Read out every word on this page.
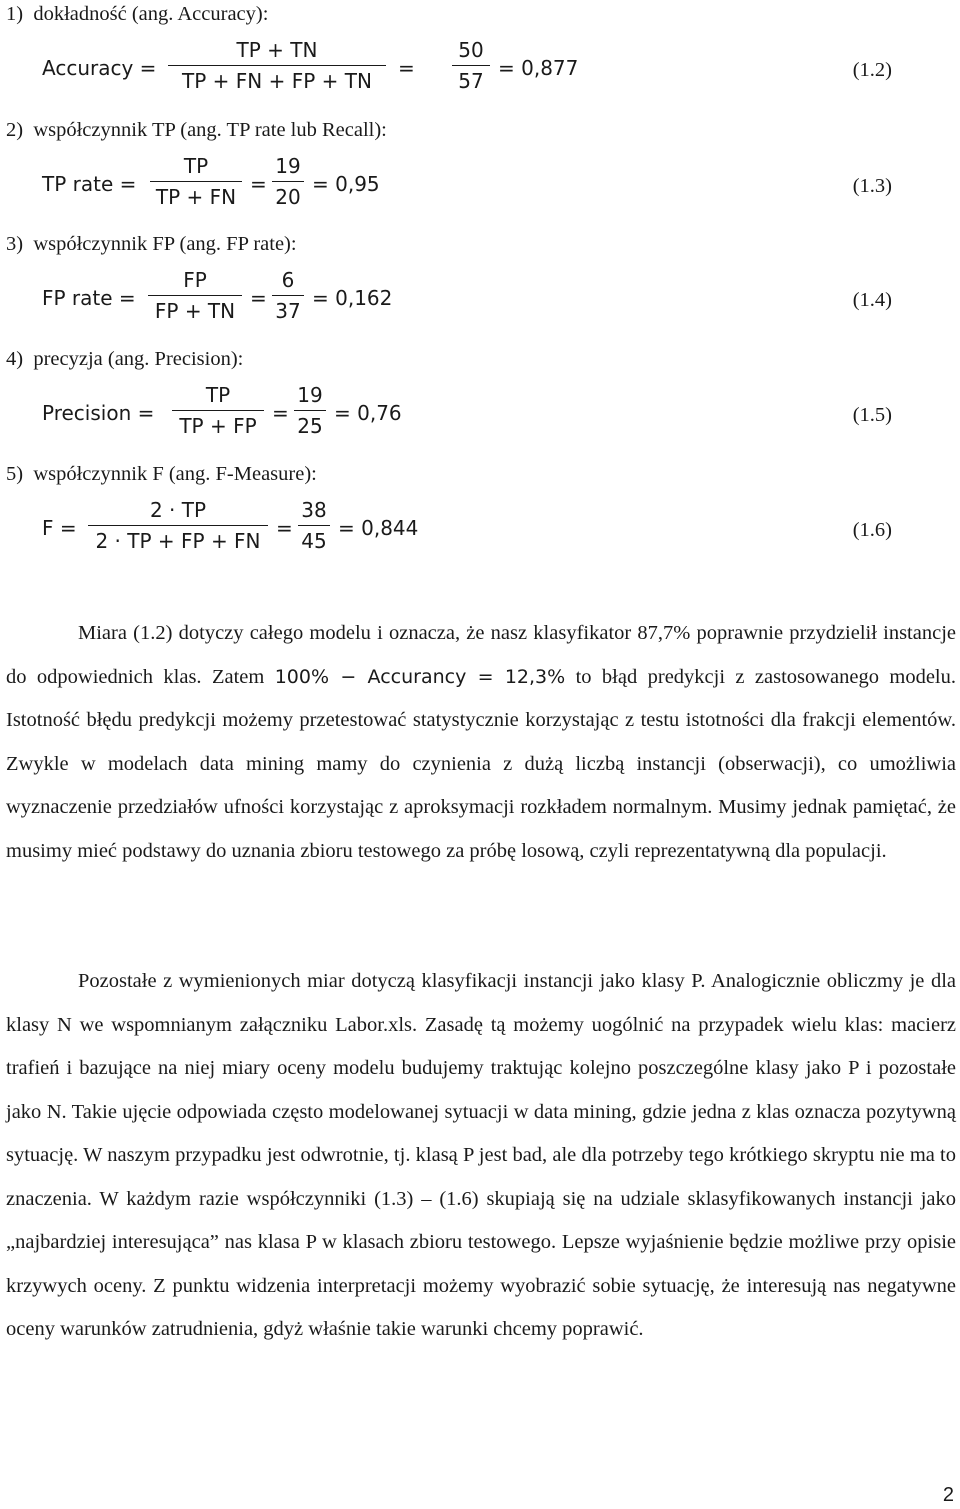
1)  dokładność (ang. Accuracy):
2)  współczynnik TP (ang. TP rate lub Recall):
3)  współczynnik FP (ang. FP rate):
4)  precyzja (ang. Precision):
5)  współczynnik F (ang. F-Measure):
Accuracy =
TP + TN
TP + FN + FP + TN
=
50
57
= 0,877	(1.2)
TP rate =
TP
TP + FN
=
19
20
= 0,95	(1.3)
FP rate =
FP
FP + TN
=
6
37
= 0,162	(1.4)
Precision =
TP
TP + FP
=
19
25
= 0,76	(1.5)
F =
2 · TP
2 · TP + FP + FN
=
38
45
= 0,844	(1.6)
Miara (1.2) dotyczy całego modelu i oznacza, że nasz klasyfikator 87,7% poprawnie przydzielił instancje do odpowiednich klas. Zatem 100% − Accurancy = 12,3% to błąd predykcji z zastosowanego modelu. Istotność błędu predykcji możemy przetestować statystycznie korzystając z testu istotności dla frakcji elementów. Zwykle w modelach data mining mamy do czynienia z dużą liczbą instancji (obserwacji), co umożliwia wyznaczenie przedziałów ufności korzystając z aproksymacji rozkładem normalnym. Musimy jednak pamiętać, że musimy mieć podstawy do uznania zbioru testowego za próbę losową, czyli reprezentatywną dla populacji.
Pozostałe z wymienionych miar dotyczą klasyfikacji instancji jako klasy P. Analogicznie obliczmy je dla klasy N we wspomnianym załączniku Labor.xls. Zasadę tą możemy uogólnić na przypadek wielu klas: macierz trafień i bazujące na niej miary oceny modelu budujemy traktując kolejno poszczególne klasy jako P i pozostałe jako N. Takie ujęcie odpowiada często modelowanej sytuacji w data mining, gdzie jedna z klas oznacza pozytywną sytuację. W naszym przypadku jest odwrotnie, tj. klasą P jest bad, ale dla potrzeby tego krótkiego skryptu nie ma to znaczenia. W każdym razie współczynniki (1.3) – (1.6) skupiają się na udziale sklasyfikowanych instancji jako „najbardziej interesująca” nas klasa P w klasach zbioru testowego. Lepsze wyjaśnienie będzie możliwe przy opisie krzywych oceny. Z punktu widzenia interpretacji możemy wyobrazić sobie sytuację, że interesują nas negatywne oceny warunków zatrudnienia, gdyż właśnie takie warunki chcemy poprawić.
2
